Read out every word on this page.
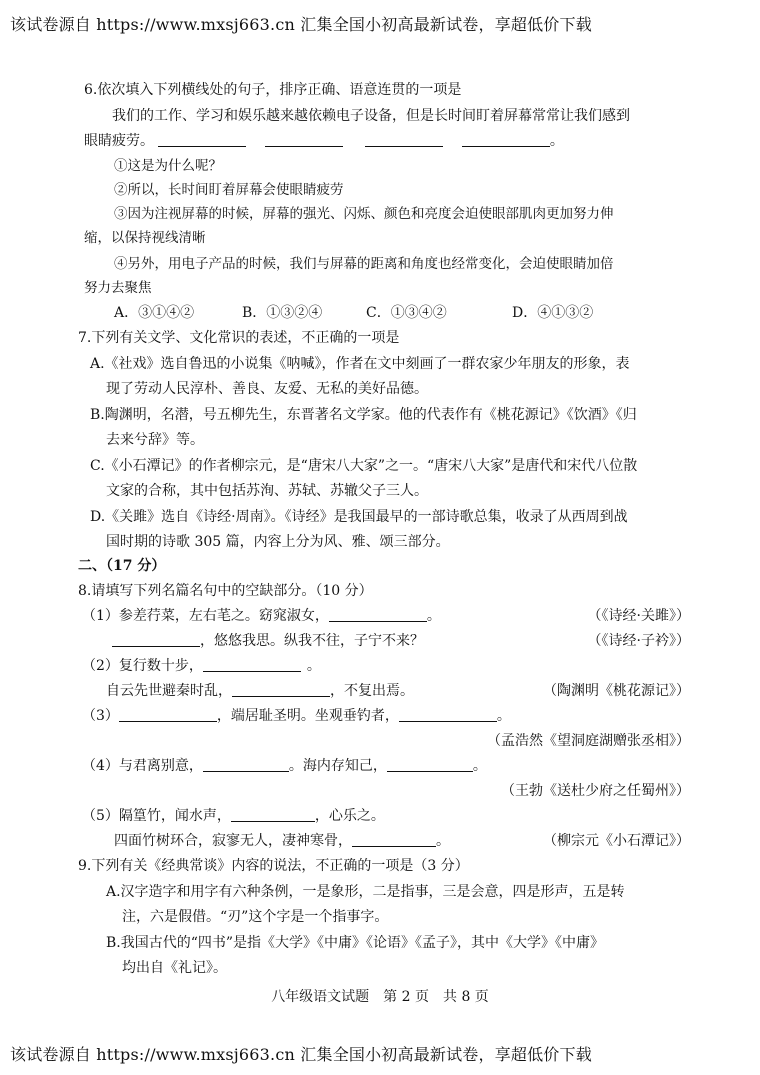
该试卷源自 https://www.mxsj663.cn 汇集全国小初高最新试卷，享超低价下载
6.依次填入下列横线处的句子，排序正确、语意连贯的一项是
我们的工作、学习和娱乐越来越依赖电子设备，但是长时间盯着屏幕常常让我们感到
眼睛疲劳。	。
①这是为什么呢？
②所以，长时间盯着屏幕会使眼睛疲劳
③因为注视屏幕的时候，屏幕的强光、闪烁、颜色和亮度会迫使眼部肌肉更加努力伸
缩，以保持视线清晰
④另外，用电子产品的时候，我们与屏幕的距离和角度也经常变化，会迫使眼睛加倍
努力去聚焦
A．③①④②	B．①③②④	C．①③④②	D．④①③②
7.下列有关文学、文化常识的表述，不正确的一项是
A.《社戏》选自鲁迅的小说集《呐喊》，作者在文中刻画了一群农家少年朋友的形象，表
现了劳动人民淳朴、善良、友爱、无私的美好品德。
B.陶渊明，名潜，号五柳先生，东晋著名文学家。他的代表作有《桃花源记》《饮酒》《归
去来兮辞》等。
C.《小石潭记》的作者柳宗元，是“唐宋八大家”之一。“唐宋八大家”是唐代和宋代八位散
文家的合称，其中包括苏洵、苏轼、苏辙父子三人。
D.《关雎》选自《诗经·周南》。《诗经》是我国最早的一部诗歌总集，收录了从西周到战
国时期的诗歌 305 篇，内容上分为风、雅、颂三部分。
二、（17 分）
8.请填写下列名篇名句中的空缺部分。（10 分）
（1）参差荇菜，左右芼之。窈窕淑女，	。	（《诗经·关雎》）
，悠悠我思。纵我不往，子宁不来？	（《诗经·子衿》）
（2）复行数十步，	。
自云先世避秦时乱，	，不复出焉。	（陶渊明《桃花源记》）
（3）	，端居耻圣明。坐观垂钓者，	。
（孟浩然《望洞庭湖赠张丞相》）
（4）与君离别意，	。海内存知己，	。
（王勃《送杜少府之任蜀州》）
（5）隔篁竹，闻水声，	，心乐之。
四面竹树环合，寂寥无人，凄神寒骨，	。	（柳宗元《小石潭记》）
9.下列有关《经典常谈》内容的说法，不正确的一项是（3 分）
A.汉字造字和用字有六种条例，一是象形，二是指事，三是会意，四是形声，五是转
注，六是假借。“刃”这个字是一个指事字。
B.我国古代的“四书”是指《大学》《中庸》《论语》《孟子》，其中《大学》《中庸》
均出自《礼记》。
八年级语文试题　第 2 页　共 8 页
该试卷源自 https://www.mxsj663.cn 汇集全国小初高最新试卷，享超低价下载
